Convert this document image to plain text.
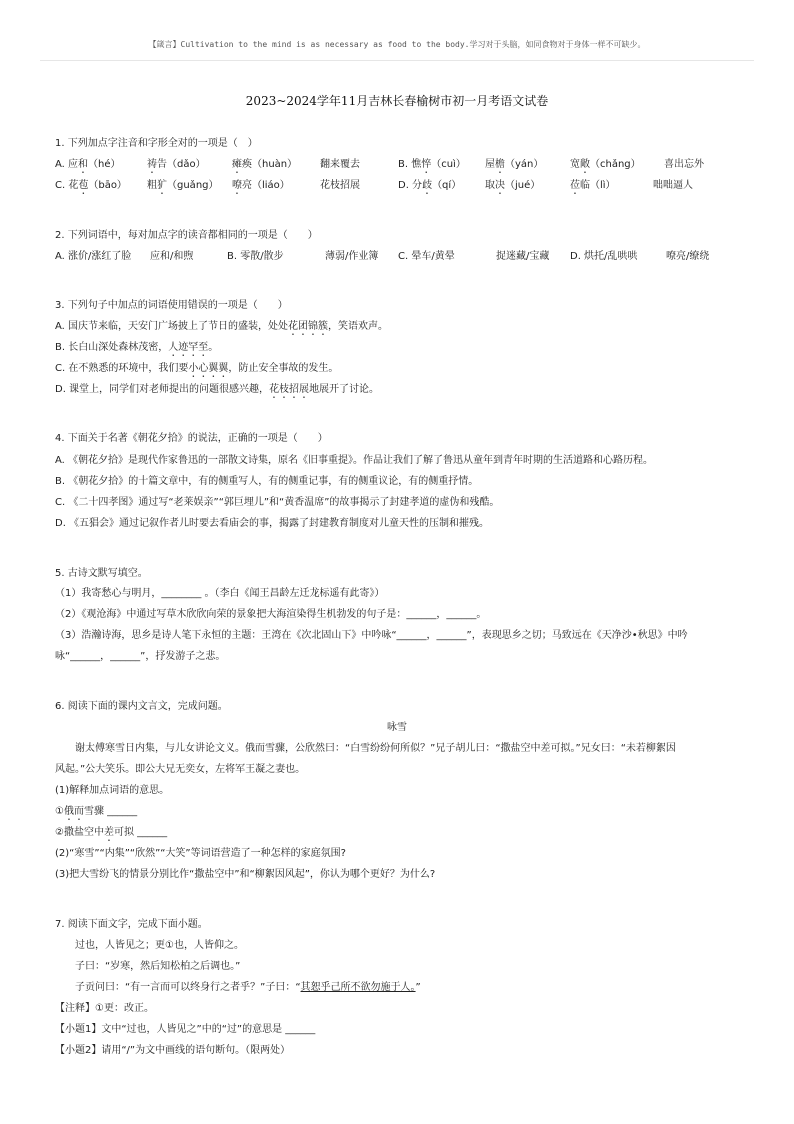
【箴言】Cultivation to the mind is as necessary as food to the body.学习对于头脑，如同食物对于身体一样不可缺少。
2023~2024学年11月吉林长春榆树市初一月考语文试卷
1. 下列加点字注音和字形全对的一项是（　）
A. 应和（hé）	祷告（dǎo）	瘫痪（huàn） 翻来覆去	B. 憔悴（cuì） 屋檐（yán）	宽敞（chǎng） 喜出忘外
C. 花苞（bāo） 粗犷（guǎng） 嘹亮（liáo）	花枝招展	D. 分歧（qí） 取决（jué）	莅临（lì）	咄咄逼人
2. 下列词语中，每对加点字的读音都相同的一项是（　　）
A. 涨价/涨红了脸 应和/和煦	B. 零散/散步	薄弱/作业簿 C. 晕车/黄晕	捉迷藏/宝藏 D. 烘托/乱哄哄	嘹亮/缭绕
3. 下列句子中加点的词语使用错误的一项是（　　）
A. 国庆节来临，天安门广场披上了节日的盛装，处处花团锦簇，笑语欢声。
B. 长白山深处森林茂密，人迹罕至。
C. 在不熟悉的环境中，我们要小心翼翼，防止安全事故的发生。
D. 课堂上，同学们对老师提出的问题很感兴趣，花枝招展地展开了讨论。
4. 下面关于名著《朝花夕拾》的说法，正确的一项是（　　）
A. 《朝花夕拾》是现代作家鲁迅的一部散文诗集，原名《旧事重提》。作品让我们了解了鲁迅从童年到青年时期的生活道路和心路历程。
B. 《朝花夕拾》的十篇文章中，有的侧重写人，有的侧重记事，有的侧重议论，有的侧重抒情。
C. 《二十四孝图》通过写“老莱娱亲”“郭巨埋儿”和“黄香温席”的故事揭示了封建孝道的虚伪和残酷。
D. 《五猖会》通过记叙作者儿时要去看庙会的事，揭露了封建教育制度对儿童天性的压制和摧残。
5. 古诗文默写填空。
（1）我寄愁心与明月，________ 。（李白《闻王昌龄左迁龙标遥有此寄》）
（2）《观沧海》中通过写草木欣欣向荣的景象把大海渲染得生机勃发的句子是：______，______。
（3）浩瀚诗海，思乡是诗人笔下永恒的主题：王湾在《次北固山下》中吟咏“______，______”，表现思乡之切；马致远在《天净沙•秋思》中吟
咏“______，______”，抒发游子之悲。
6. 阅读下面的课内文言文，完成问题。
咏雪
谢太傅寒雪日内集，与儿女讲论文义。俄而雪骤，公欣然曰：“白雪纷纷何所似？”兄子胡儿曰：“撒盐空中差可拟。”兄女曰：“未若柳絮因
风起。”公大笑乐。即公大兄无奕女，左将军王凝之妻也。
(1)解释加点词语的意思。
①俄而雪骤 ______
②撒盐空中差可拟 ______
(2)“寒雪”“内集”“欣然”“大笑”等词语营造了一种怎样的家庭氛围?
(3)把大雪纷飞的情景分别比作“撒盐空中”和“柳絮因风起”，你认为哪个更好？为什么?
7. 阅读下面文字，完成下面小题。
过也，人皆见之；更①也，人皆仰之。
子曰：“岁寒，然后知松柏之后调也。”
子贡问曰：“有一言而可以终身行之者乎？”子曰：“其恕乎己所不欲勿施于人。”
【注释】①更：改正。
【小题1】文中“过也，人皆见之”中的“过”的意思是 ______
【小题2】请用“/”为文中画线的语句断句。（限两处）
